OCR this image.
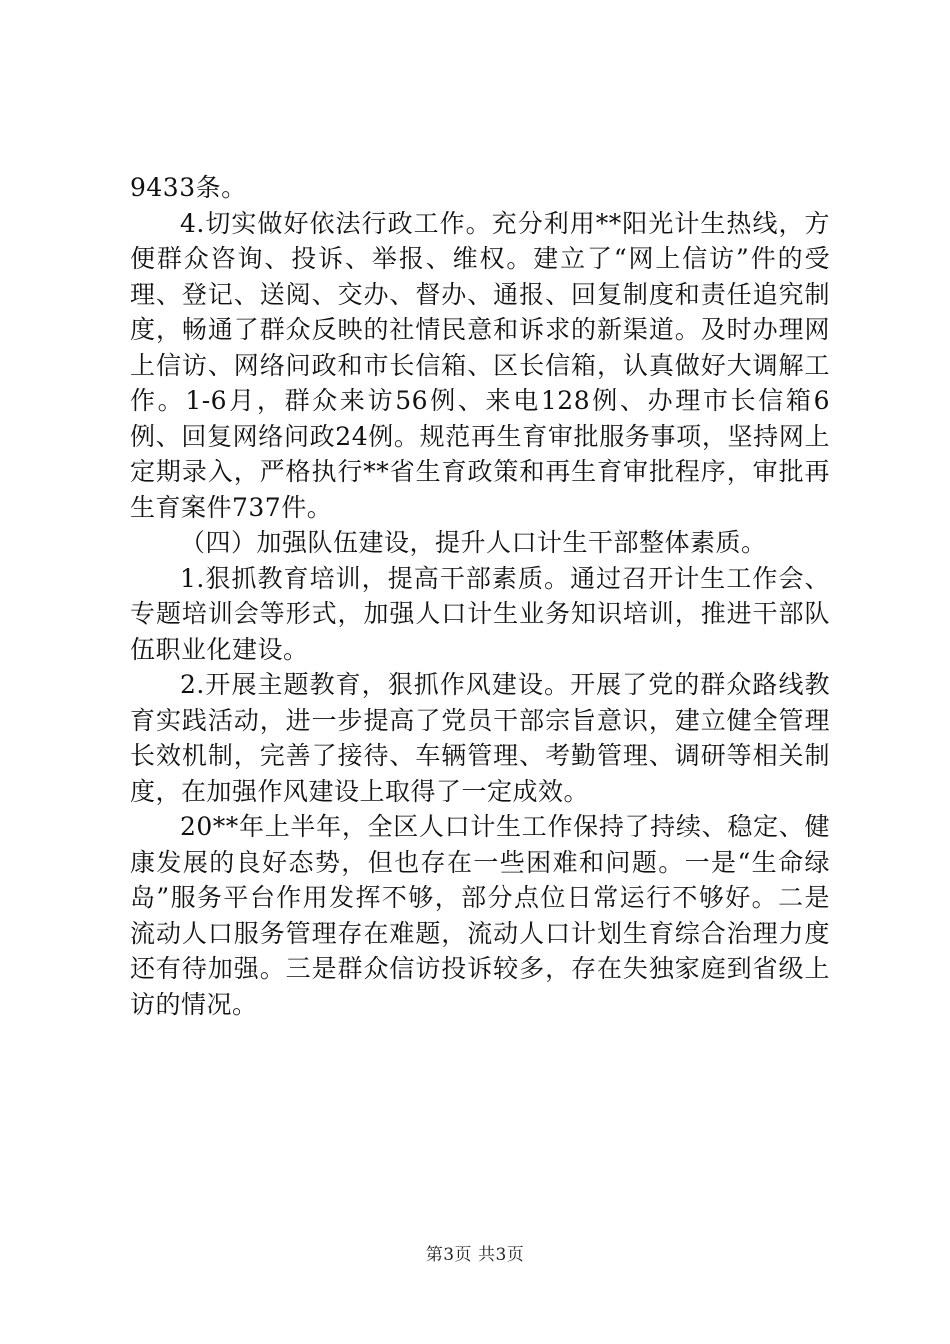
9433条。

4.切实做好依法行政工作。充分利用**阳光计生热线，方便群众咨询、投诉、举报、维权。建立了“网上信访”件的受理、登记、送阅、交办、督办、通报、回复制度和责任追究制度，畅通了群众反映的社情民意和诉求的新渠道。及时办理网上信访、网络问政和市长信箱、区长信箱，认真做好大调解工作。1-6月，群众来访56例、来电128例、办理市长信箱6例、回复网络问政24例。规范再生育审批服务事项，坚持网上定期录入，严格执行**省生育政策和再生育审批程序，审批再生育案件737件。

（四）加强队伍建设，提升人口计生干部整体素质。

1.狠抓教育培训，提高干部素质。通过召开计生工作会、专题培训会等形式，加强人口计生业务知识培训，推进干部队伍职业化建设。

2.开展主题教育，狠抓作风建设。开展了党的群众路线教育实践活动，进一步提高了党员干部宗旨意识，建立健全管理长效机制，完善了接待、车辆管理、考勤管理、调研等相关制度，在加强作风建设上取得了一定成效。

20**年上半年，全区人口计生工作保持了持续、稳定、健康发展的良好态势，但也存在一些困难和问题。一是“生命绿岛”服务平台作用发挥不够，部分点位日常运行不够好。二是流动人口服务管理存在难题，流动人口计划生育综合治理力度还有待加强。三是群众信访投诉较多，存在失独家庭到省级上访的情况。

第3页 共3页
